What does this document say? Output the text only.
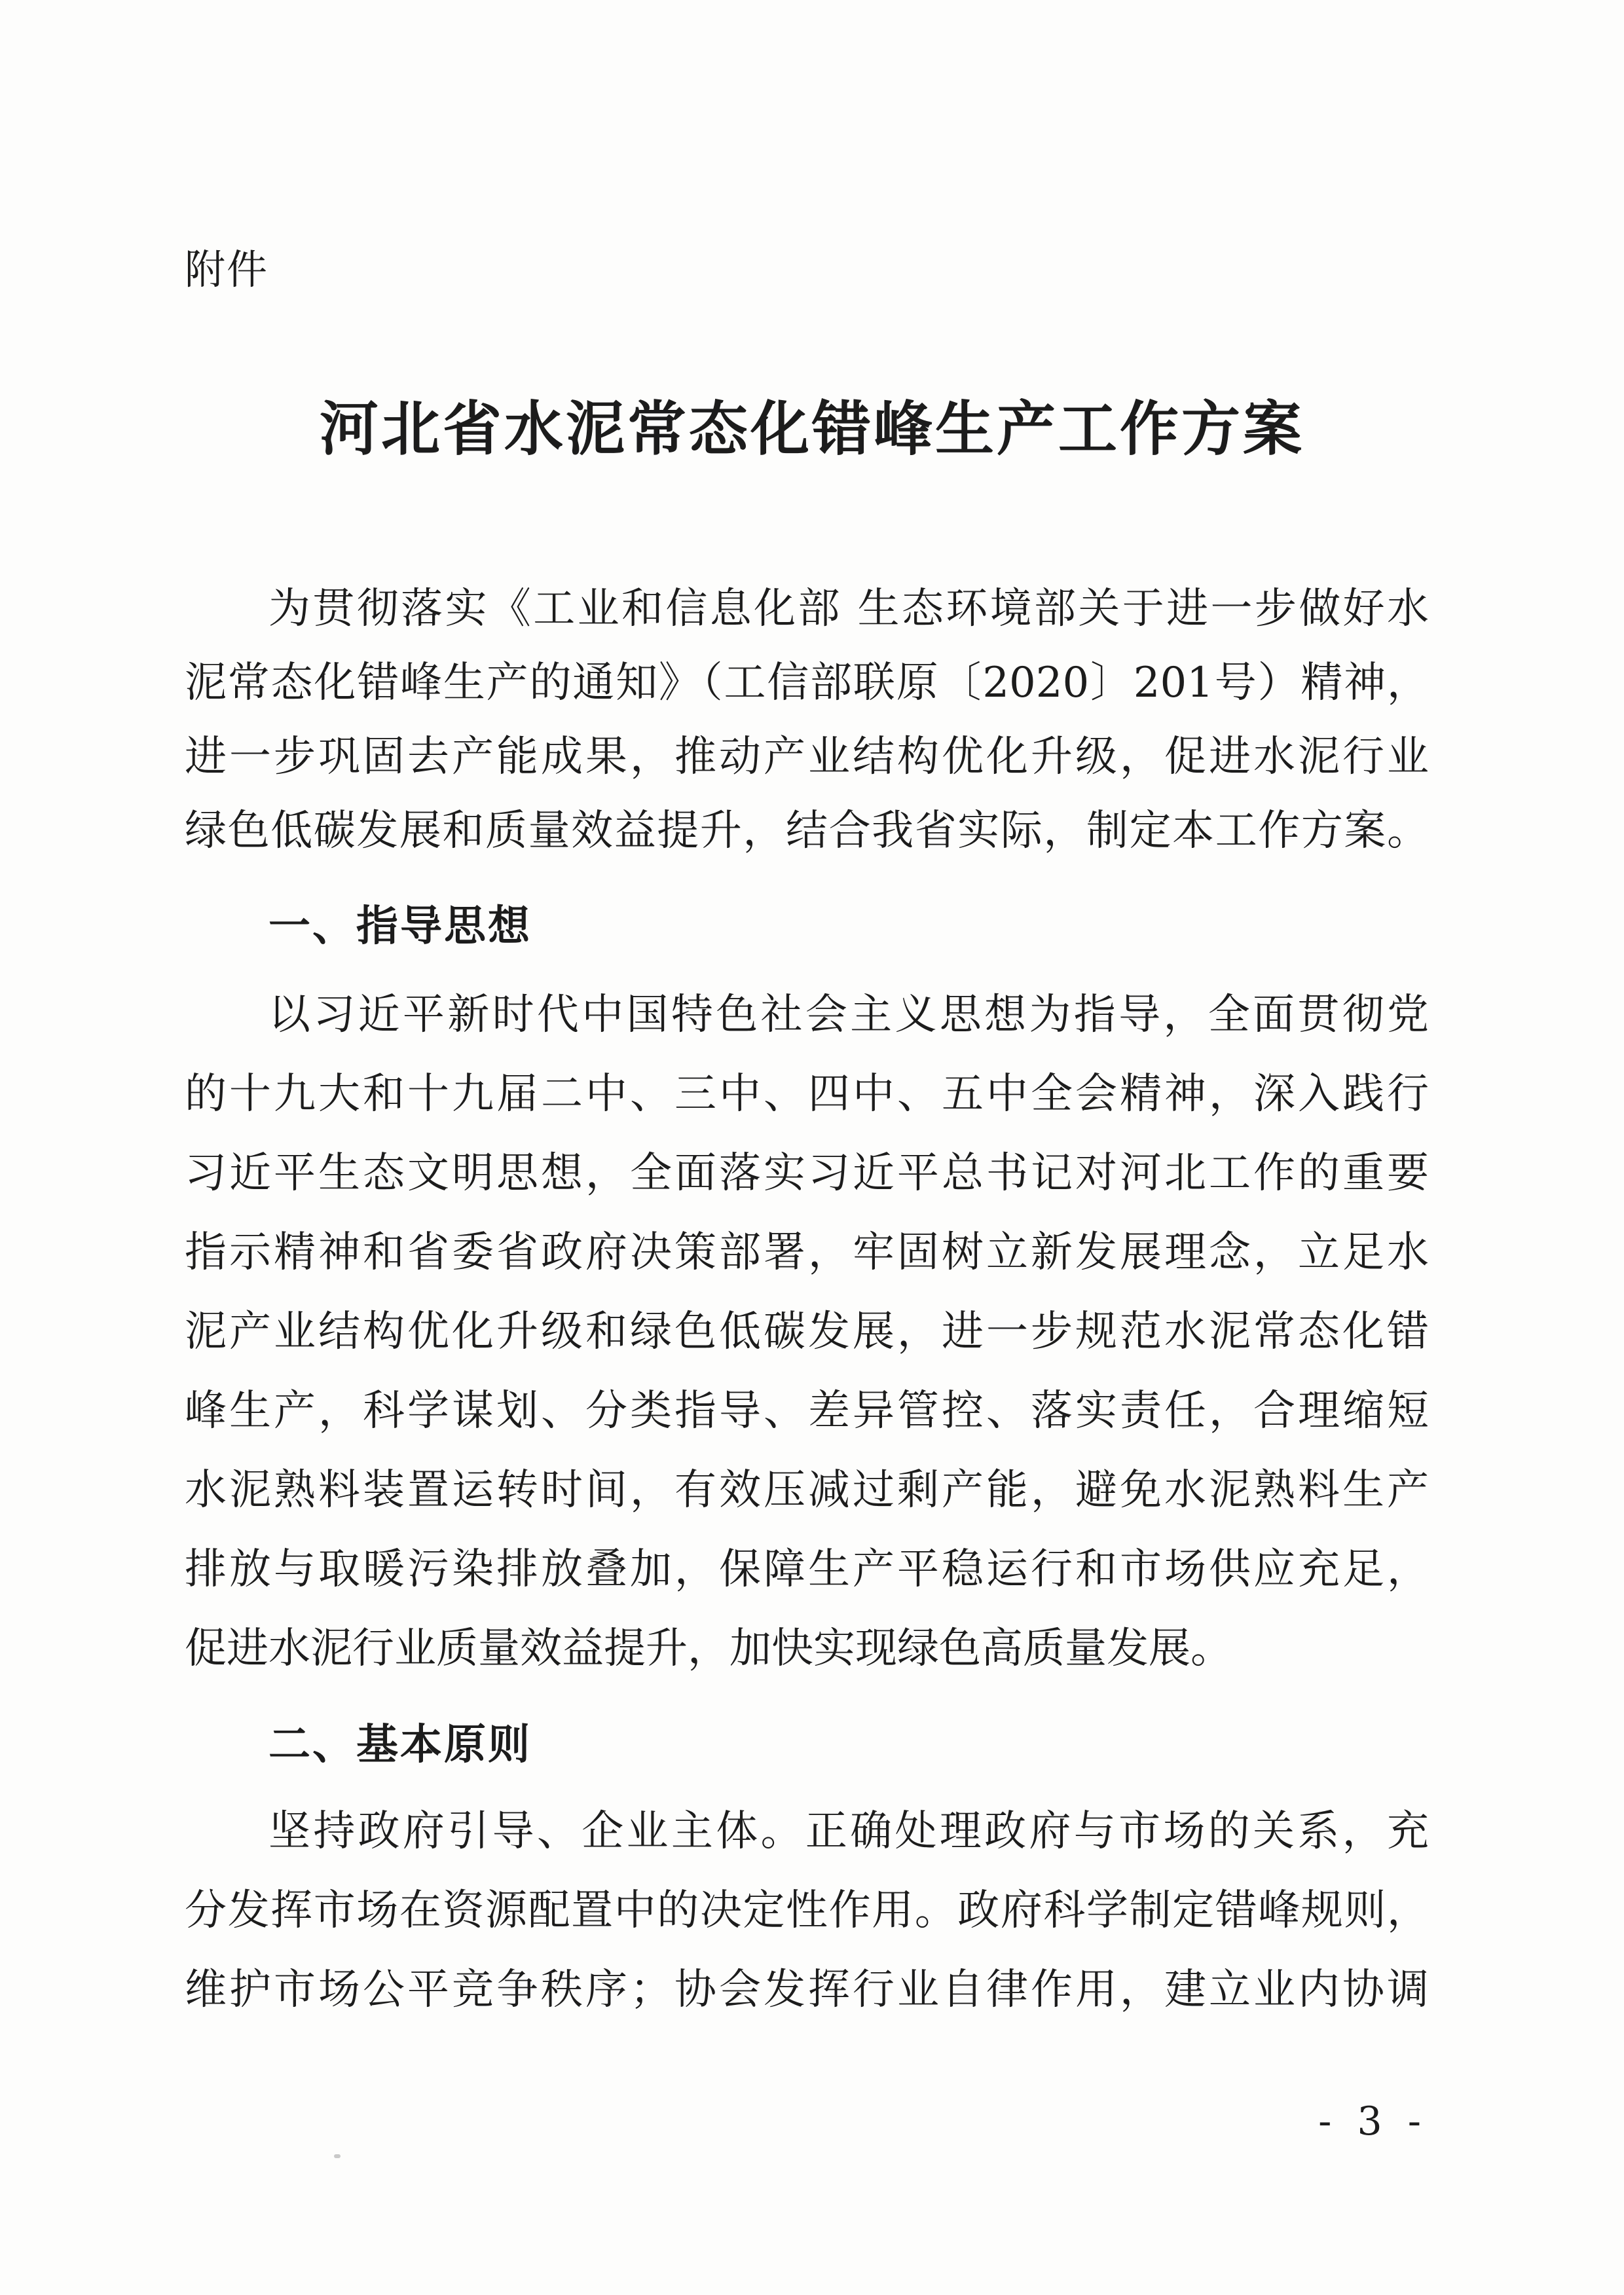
附件
河北省水泥常态化错峰生产工作方案
为贯彻落实《工业和信息化部 生态环境部关于进一步做好水
泥常态化错峰生产的通知》（工信部联原〔2020〕201号）精神，
进一步巩固去产能成果，推动产业结构优化升级，促进水泥行业
绿色低碳发展和质量效益提升，结合我省实际，制定本工作方案。
一、指导思想
以习近平新时代中国特色社会主义思想为指导，全面贯彻党
的十九大和十九届二中、三中、四中、五中全会精神，深入践行
习近平生态文明思想，全面落实习近平总书记对河北工作的重要
指示精神和省委省政府决策部署，牢固树立新发展理念，立足水
泥产业结构优化升级和绿色低碳发展，进一步规范水泥常态化错
峰生产，科学谋划、分类指导、差异管控、落实责任，合理缩短
水泥熟料装置运转时间，有效压减过剩产能，避免水泥熟料生产
排放与取暖污染排放叠加，保障生产平稳运行和市场供应充足，
促进水泥行业质量效益提升，加快实现绿色高质量发展。
二、基本原则
坚持政府引导、企业主体。正确处理政府与市场的关系，充
分发挥市场在资源配置中的决定性作用。政府科学制定错峰规则，
维护市场公平竞争秩序；协会发挥行业自律作用，建立业内协调
- 3 -
